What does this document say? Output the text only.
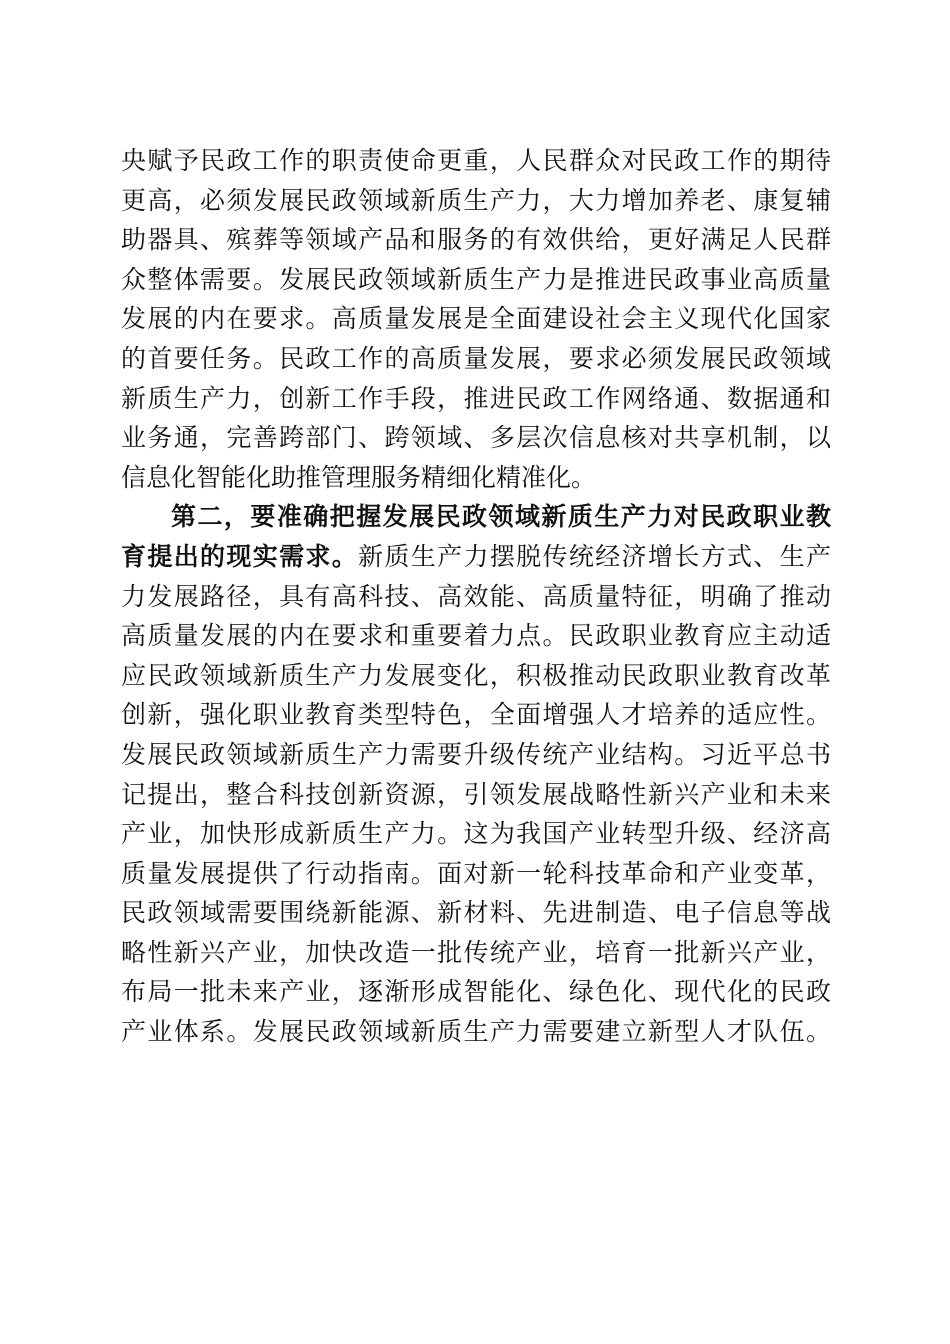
央赋予民政工作的职责使命更重，人民群众对民政工作的期待
更高，必须发展民政领域新质生产力，大力增加养老、康复辅
助器具、殡葬等领域产品和服务的有效供给，更好满足人民群
众整体需要。发展民政领域新质生产力是推进民政事业高质量
发展的内在要求。高质量发展是全面建设社会主义现代化国家
的首要任务。民政工作的高质量发展，要求必须发展民政领域
新质生产力，创新工作手段，推进民政工作网络通、数据通和
业务通，完善跨部门、跨领域、多层次信息核对共享机制，以
信息化智能化助推管理服务精细化精准化。
第二，要准确把握发展民政领域新质生产力对民政职业教
育提出的现实需求。新质生产力摆脱传统经济增长方式、生产
力发展路径，具有高科技、高效能、高质量特征，明确了推动
高质量发展的内在要求和重要着力点。民政职业教育应主动适
应民政领域新质生产力发展变化，积极推动民政职业教育改革
创新，强化职业教育类型特色，全面增强人才培养的适应性。
发展民政领域新质生产力需要升级传统产业结构。习近平总书
记提出，整合科技创新资源，引领发展战略性新兴产业和未来
产业，加快形成新质生产力。这为我国产业转型升级、经济高
质量发展提供了行动指南。面对新一轮科技革命和产业变革，
民政领域需要围绕新能源、新材料、先进制造、电子信息等战
略性新兴产业，加快改造一批传统产业，培育一批新兴产业，
布局一批未来产业，逐渐形成智能化、绿色化、现代化的民政
产业体系。发展民政领域新质生产力需要建立新型人才队伍。
